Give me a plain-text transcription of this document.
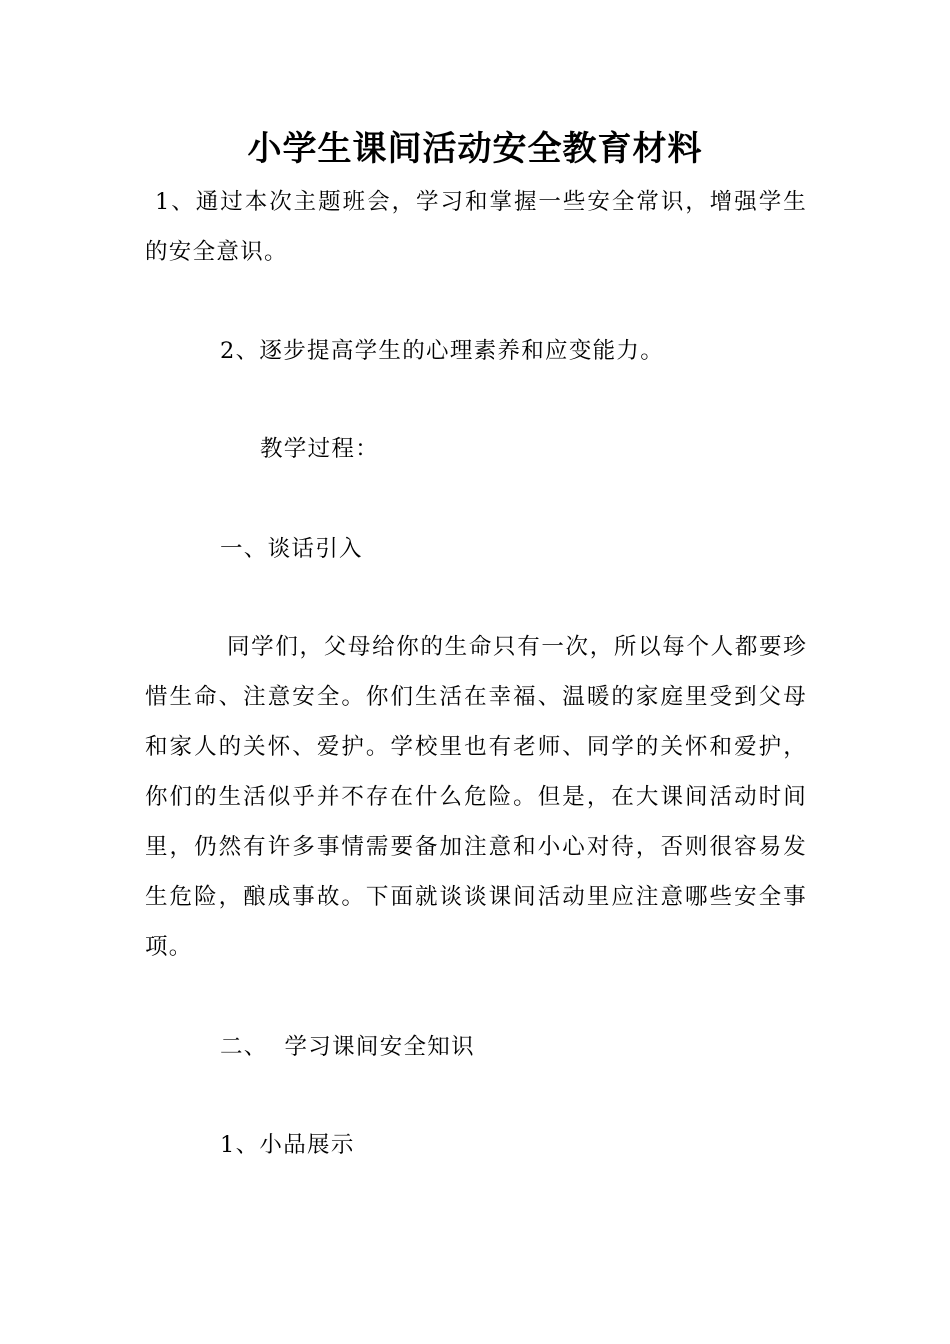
小学生课间活动安全教育材料

1、通过本次主题班会，学习和掌握一些安全常识，增强学生的安全意识。

2、逐步提高学生的心理素养和应变能力。

教学过程：

一、谈话引入

同学们，父母给你的生命只有一次，所以每个人都要珍惜生命、注意安全。你们生活在幸福、温暖的家庭里受到父母和家人的关怀、爱护。学校里也有老师、同学的关怀和爱护，你们的生活似乎并不存在什么危险。但是，在大课间活动时间里，仍然有许多事情需要备加注意和小心对待，否则很容易发生危险，酿成事故。下面就谈谈课间活动里应注意哪些安全事项。

二、  学习课间安全知识

1、小品展示
